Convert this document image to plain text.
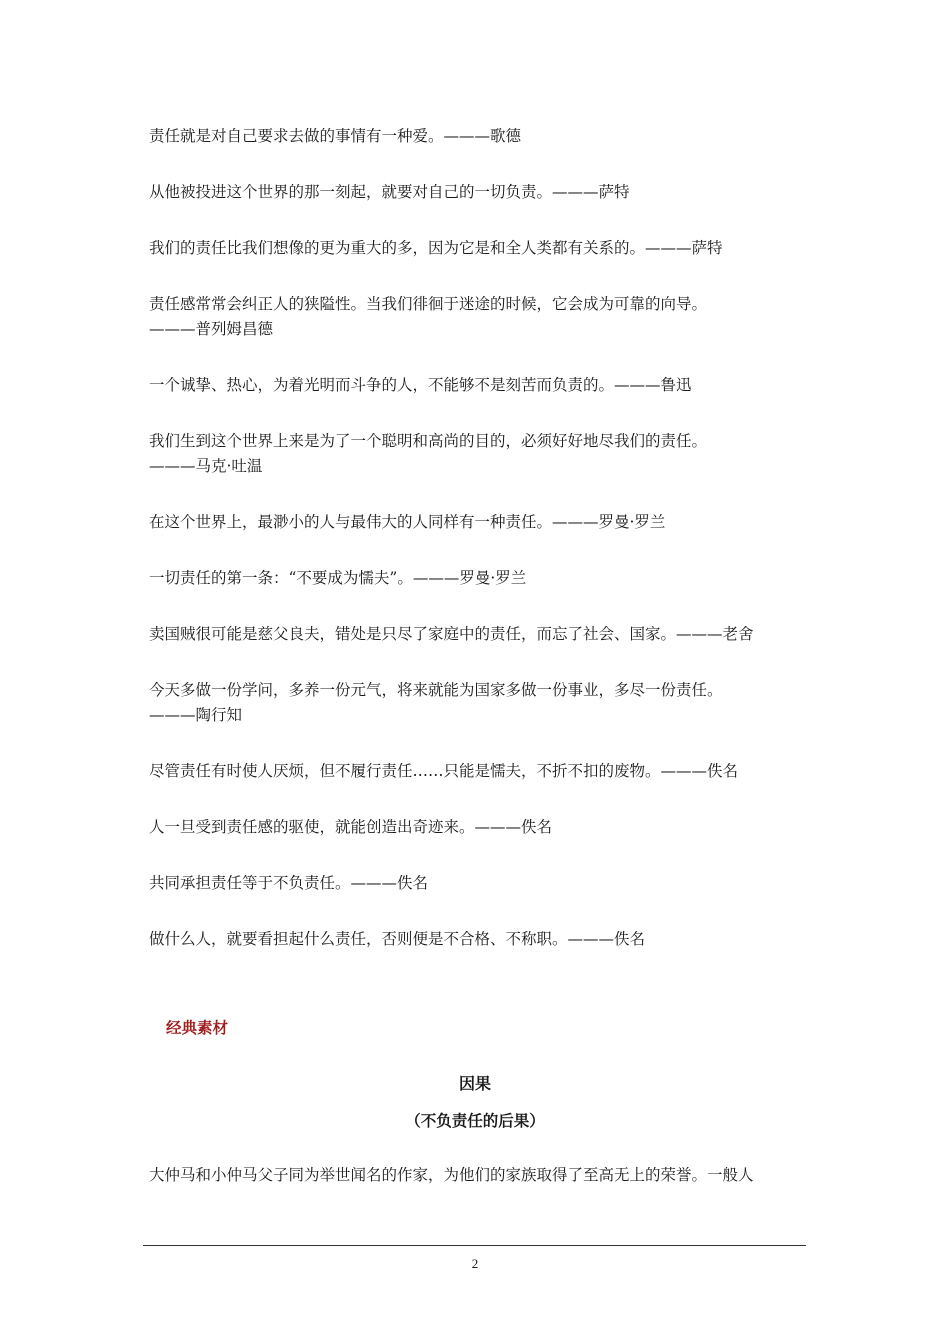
责任就是对自己要求去做的事情有一种爱。———歌德

从他被投进这个世界的那一刻起，就要对自己的一切负责。———萨特

我们的责任比我们想像的更为重大的多，因为它是和全人类都有关系的。———萨特

责任感常常会纠正人的狭隘性。当我们徘徊于迷途的时候，它会成为可靠的向导。
———普列姆昌德

一个诚挚、热心，为着光明而斗争的人，不能够不是刻苦而负责的。———鲁迅

我们生到这个世界上来是为了一个聪明和高尚的目的，必须好好地尽我们的责任。
———马克·吐温

在这个世界上，最渺小的人与最伟大的人同样有一种责任。———罗曼·罗兰

一切责任的第一条：“不要成为懦夫”。———罗曼·罗兰

卖国贼很可能是慈父良夫，错处是只尽了家庭中的责任，而忘了社会、国家。———老舍

今天多做一份学问，多养一份元气，将来就能为国家多做一份事业，多尽一份责任。
———陶行知

尽管责任有时使人厌烦，但不履行责任……只能是懦夫，不折不扣的废物。———佚名

人一旦受到责任感的驱使，就能创造出奇迹来。———佚名

共同承担责任等于不负责任。———佚名

做什么人，就要看担起什么责任，否则便是不合格、不称职。———佚名

经典素材
因果
（不负责任的后果）
大仲马和小仲马父子同为举世闻名的作家，为他们的家族取得了至高无上的荣誉。一般人
2
